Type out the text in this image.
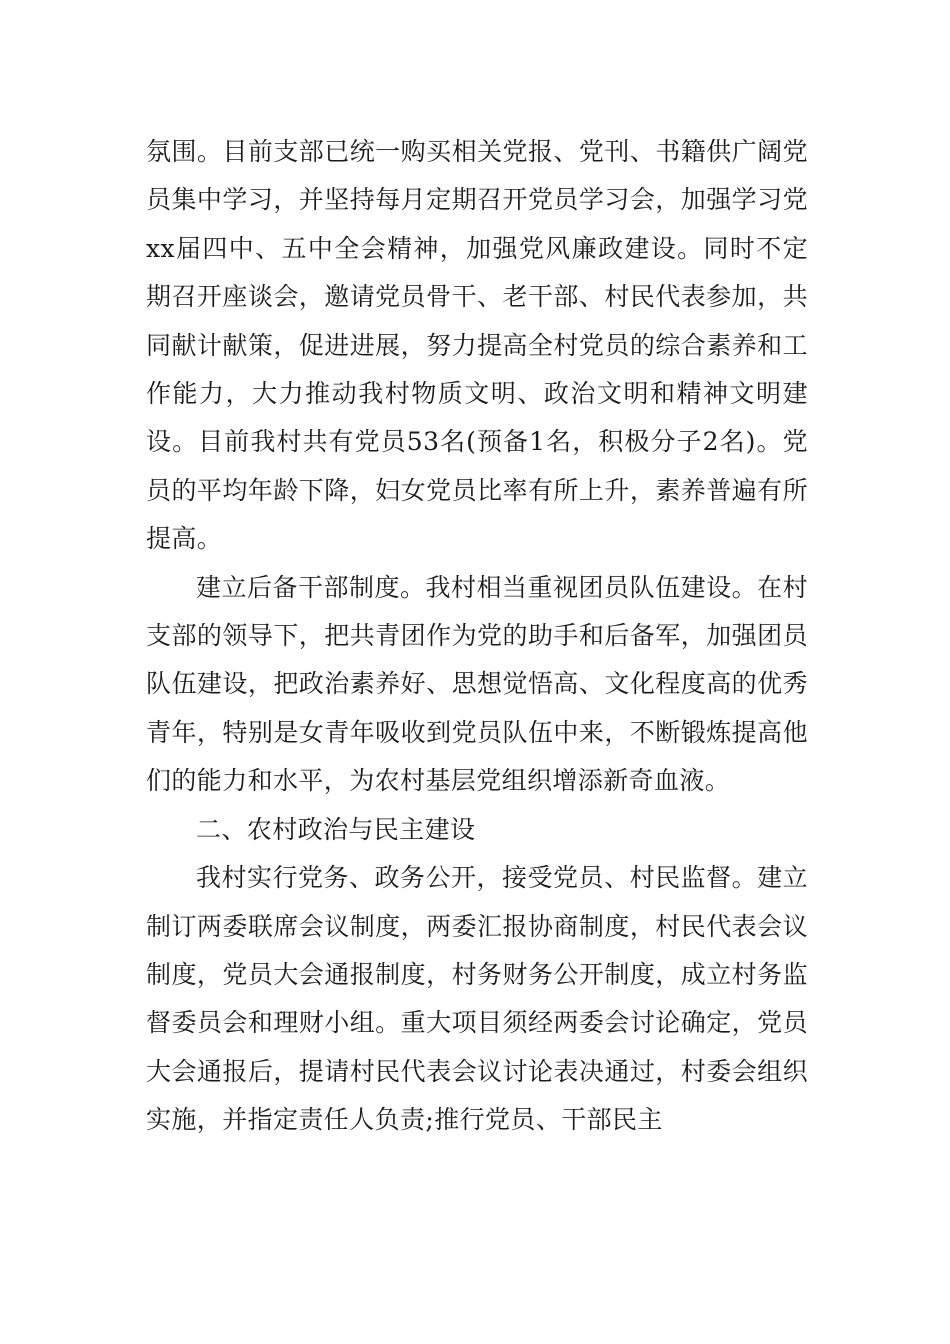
氛围。目前支部已统一购买相关党报、党刊、书籍供广阔党员集中学习，并坚持每月定期召开党员学习会，加强学习党xx届四中、五中全会精神，加强党风廉政建设。同时不定期召开座谈会，邀请党员骨干、老干部、村民代表参加，共同献计献策，促进进展，努力提高全村党员的综合素养和工作能力，大力推动我村物质文明、政治文明和精神文明建设。目前我村共有党员53名(预备1名，积极分子2名)。党员的平均年龄下降，妇女党员比率有所上升，素养普遍有所提高。

建立后备干部制度。我村相当重视团员队伍建设。在村支部的领导下，把共青团作为党的助手和后备军，加强团员队伍建设，把政治素养好、思想觉悟高、文化程度高的优秀青年，特别是女青年吸收到党员队伍中来，不断锻炼提高他们的能力和水平，为农村基层党组织增添新奇血液。

二、农村政治与民主建设

我村实行党务、政务公开，接受党员、村民监督。建立制订两委联席会议制度，两委汇报协商制度，村民代表会议制度，党员大会通报制度，村务财务公开制度，成立村务监督委员会和理财小组。重大项目须经两委会讨论确定，党员大会通报后，提请村民代表会议讨论表决通过，村委会组织实施，并指定责任人负责;推行党员、干部民主
